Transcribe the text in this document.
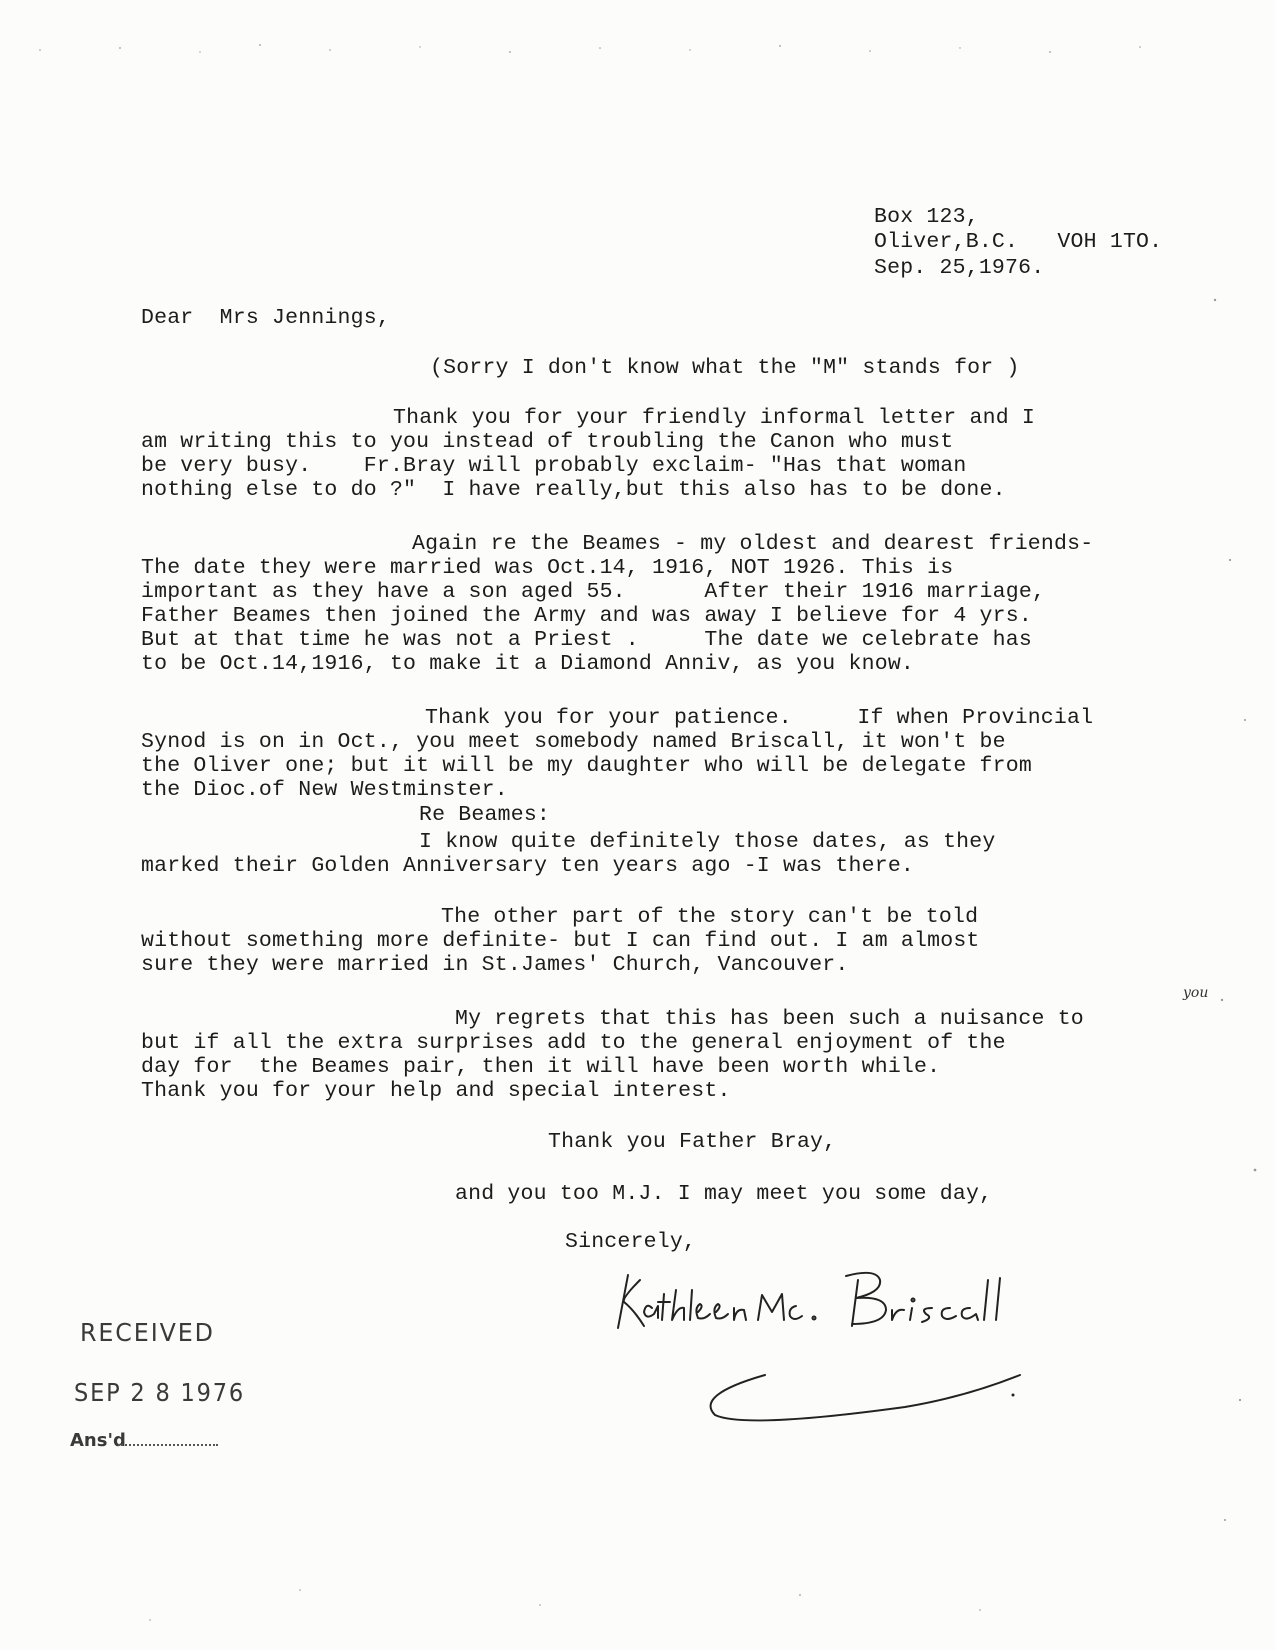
Box 123,
Oliver,B.C.   VOH 1TO.
Sep. 25,1976.
Dear  Mrs Jennings,
(Sorry I don't know what the "M" stands for )
Thank you for your friendly informal letter and I
am writing this to you instead of troubling the Canon who must
be very busy.    Fr.Bray will probably exclaim- "Has that woman
nothing else to do ?"  I have really,but this also has to be done.
Again re the Beames - my oldest and dearest friends-
The date they were married was Oct.14, 1916, NOT 1926. This is
important as they have a son aged 55.      After their 1916 marriage,
Father Beames then joined the Army and was away I believe for 4 yrs.
But at that time he was not a Priest .     The date we celebrate has
to be Oct.14,1916, to make it a Diamond Anniv, as you know.
Thank you for your patience.     If when Provincial
Synod is on in Oct., you meet somebody named Briscall, it won't be
the Oliver one; but it will be my daughter who will be delegate from
the Dioc.of New Westminster.
Re Beames:
I know quite definitely those dates, as they
marked their Golden Anniversary ten years ago -I was there.
The other part of the story can't be told
without something more definite- but I can find out. I am almost
sure they were married in St.James' Church, Vancouver.
My regrets that this has been such a nuisance to
you
but if all the extra surprises add to the general enjoyment of the
day for  the Beames pair, then it will have been worth while.
Thank you for your help and special interest.
Thank you Father Bray,
and you too M.J. I may meet you some day,
Sincerely,
RECEIVED
SEP 2 8 1976
Ans'd
